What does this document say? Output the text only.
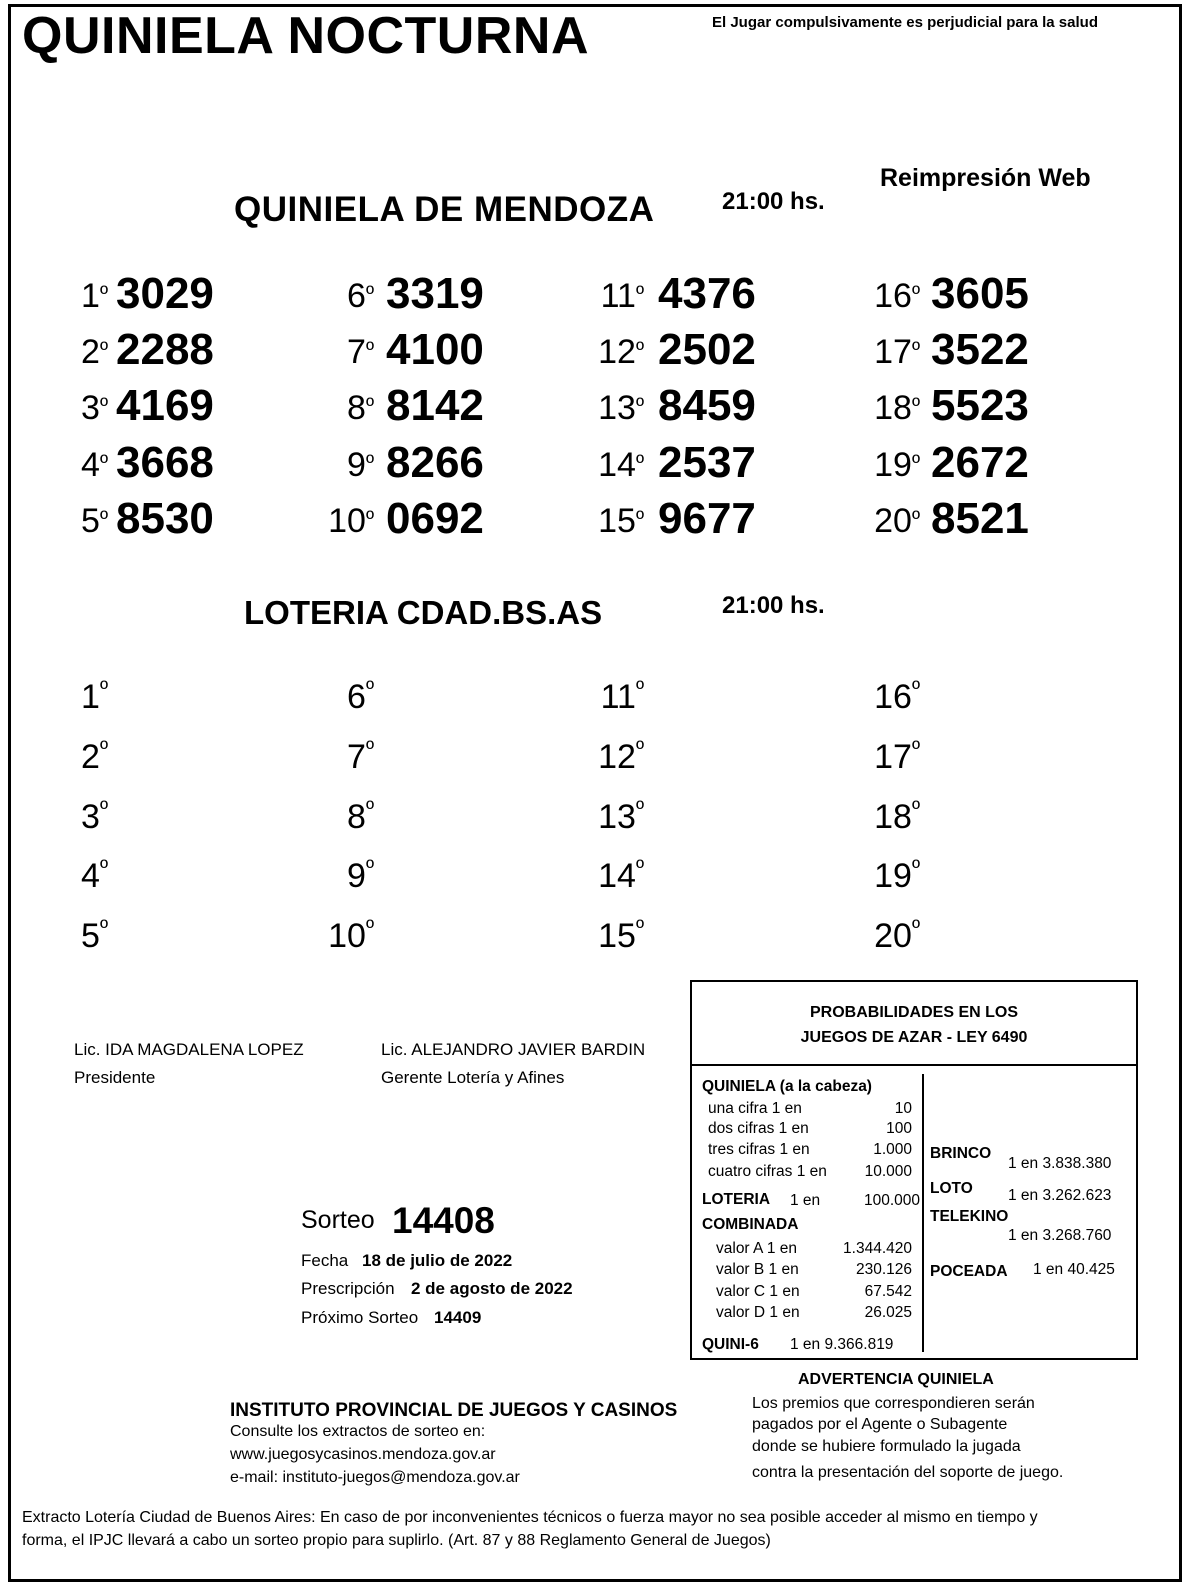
QUINIELA NOCTURNA	El Jugar compulsivamente es perjudicial para la salud
Reimpresión Web
QUINIELA DE MENDOZA	21:00 hs.
$1^º$ 3029
$2^º$ 2288
$3^º$ 4169
$4^º$ 3668
$5^º$ 8530
$6^º$ 3319
$7^º$ 4100
$8^º$ 8142
$9^º$ 8266
$10^º$ 0692
$11^º$ 4376
$12^º$ 2502
$13^º$ 8459
$14^º$ 2537
$15^º$ 9677
$16^º$ 3605
$17^º$ 3522
$18^º$ 5523
$19^º$ 2672
$20^º$ 8521
LOTERIA CDAD.BS.AS	21:00 hs.
$1^º$
$2^º$
$3^º$
$4^º$
$5^º$
$6^º$
$7^º$
$8^º$
$9^º$
$10^º$
$11^º$
$12^º$
$13^º$
$14^º$
$15^º$
$16^º$
$17^º$
$18^º$
$19^º$
$20^º$
Lic. IDA MAGDALENA LOPEZ
Presidente
Lic. ALEJANDRO JAVIER BARDIN
Gerente Lotería y Afines
Sorteo 14408
Fecha 18 de julio de 2022
Prescripción 2 de agosto de 2022
Próximo Sorteo 14409
PROBABILIDADES EN LOS
JUEGOS DE AZAR - LEY 6490
QUINIELA (a la cabeza)
una cifra 1 en	10
dos cifras 1 en	100
tres cifras 1 en	1.000
cuatro cifras 1 en 10.000
LOTERIA 1 en	100.000
COMBINADA
valor A 1 en	1.344.420
valor B 1 en	230.126
valor C 1 en	67.542
valor D 1 en	26.025
QUINI-6 1 en 9.366.819
BRINCO
1 en 3.838.380
LOTO 1 en 3.262.623
TELEKINO
1 en 3.268.760
POCEADA 1 en 40.425
ADVERTENCIA QUINIELA
Los premios que correspondieren serán
pagados por el Agente o Subagente
donde se hubiere formulado la jugada
contra la presentación del soporte de juego.
INSTITUTO PROVINCIAL DE JUEGOS Y CASINOS
Consulte los extractos de sorteo en:
www.juegosycasinos.mendoza.gov.ar
e-mail: instituto-juegos@mendoza.gov.ar
Extracto Lotería Ciudad de Buenos Aires: En caso de por inconvenientes técnicos o fuerza mayor no sea posible acceder al mismo en tiempo y
forma, el IPJC llevará a cabo un sorteo propio para suplirlo. (Art. 87 y 88 Reglamento General de Juegos)
